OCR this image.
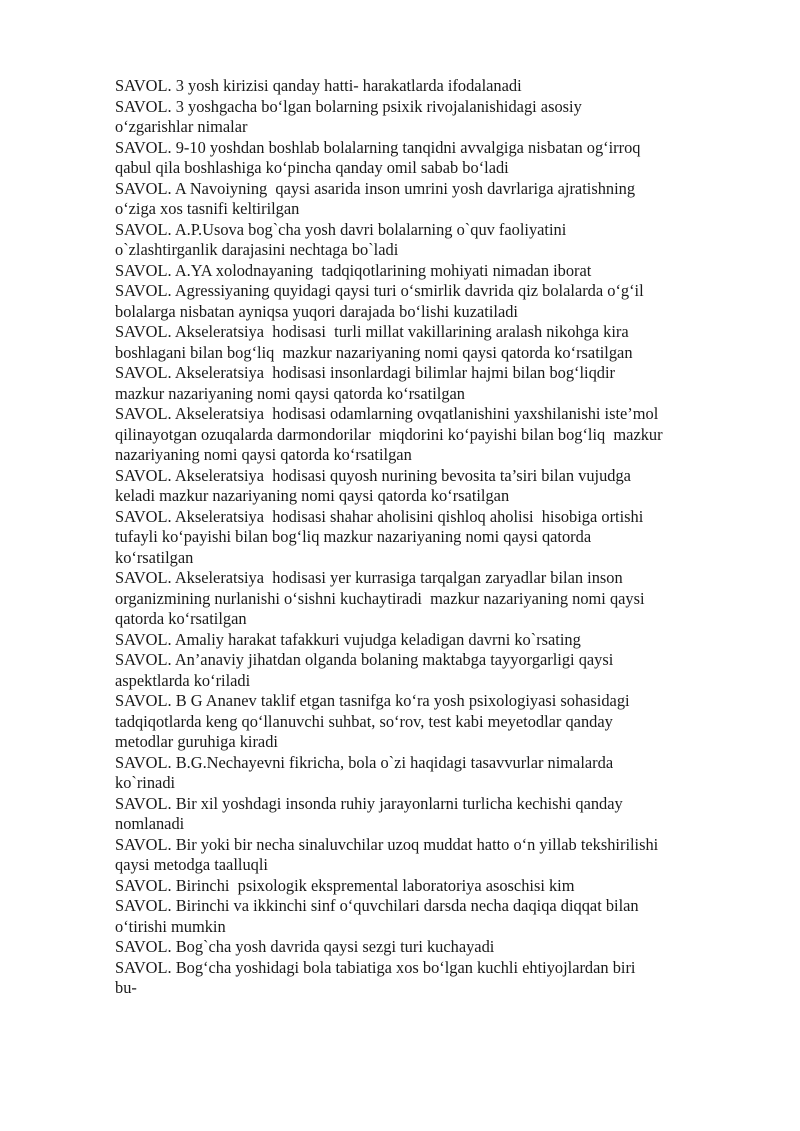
SAVOL. 3 yosh kirizisi qanday hatti- harakatlarda ifodalanadi
SAVOL. 3 yoshgacha bo‘lgan bolarning psixik rivojalanishidagi asosiy
o‘zgarishlar nimalar
SAVOL. 9-10 yoshdan boshlab bolalarning tanqidni avvalgiga nisbatan og‘irroq
qabul qila boshlashiga ko‘pincha qanday omil sabab bo‘ladi
SAVOL. A Navoiyning  qaysi asarida inson umrini yosh davrlariga ajratishning
o‘ziga xos tasnifi keltirilgan
SAVOL. A.P.Usova bog`cha yosh davri bolalarning o`quv faoliyatini
o`zlashtirganlik darajasini nechtaga bo`ladi
SAVOL. A.YA xolodnayaning  tadqiqotlarining mohiyati nimadan iborat
SAVOL. Agressiyaning quyidagi qaysi turi o‘smirlik davrida qiz bolalarda o‘g‘il
bolalarga nisbatan ayniqsa yuqori darajada bo‘lishi kuzatiladi
SAVOL. Akseleratsiya  hodisasi  turli millat vakillarining aralash nikohga kira
boshlagani bilan bog‘liq  mazkur nazariyaning nomi qaysi qatorda ko‘rsatilgan
SAVOL. Akseleratsiya  hodisasi insonlardagi bilimlar hajmi bilan bog‘liqdir
mazkur nazariyaning nomi qaysi qatorda ko‘rsatilgan
SAVOL. Akseleratsiya  hodisasi odamlarning ovqatlanishini yaxshilanishi iste’mol
qilinayotgan ozuqalarda darmondorilar  miqdorini ko‘payishi bilan bog‘liq  mazkur
nazariyaning nomi qaysi qatorda ko‘rsatilgan
SAVOL. Akseleratsiya  hodisasi quyosh nurining bevosita ta’siri bilan vujudga
keladi mazkur nazariyaning nomi qaysi qatorda ko‘rsatilgan
SAVOL. Akseleratsiya  hodisasi shahar aholisini qishloq aholisi  hisobiga ortishi
tufayli ko‘payishi bilan bog‘liq mazkur nazariyaning nomi qaysi qatorda
ko‘rsatilgan
SAVOL. Akseleratsiya  hodisasi yer kurrasiga tarqalgan zaryadlar bilan inson
organizmining nurlanishi o‘sishni kuchaytiradi  mazkur nazariyaning nomi qaysi
qatorda ko‘rsatilgan
SAVOL. Amaliy harakat tafakkuri vujudga keladigan davrni ko`rsating
SAVOL. An’anaviy jihatdan olganda bolaning maktabga tayyorgarligi qaysi
aspektlarda ko‘riladi
SAVOL. B G Ananev taklif etgan tasnifga ko‘ra yosh psixologiyasi sohasidagi
tadqiqotlarda keng qo‘llanuvchi suhbat, so‘rov, test kabi meyetodlar qanday
metodlar guruhiga kiradi
SAVOL. B.G.Nechayevni fikricha, bola o`zi haqidagi tasavvurlar nimalarda
ko`rinadi
SAVOL. Bir xil yoshdagi insonda ruhiy jarayonlarni turlicha kechishi qanday
nomlanadi
SAVOL. Bir yoki bir necha sinaluvchilar uzoq muddat hatto o‘n yillab tekshirilishi
qaysi metodga taalluqli
SAVOL. Birinchi  psixologik ekspremental laboratoriya asoschisi kim
SAVOL. Birinchi va ikkinchi sinf o‘quvchilari darsda necha daqiqa diqqat bilan
o‘tirishi mumkin
SAVOL. Bog`cha yosh davrida qaysi sezgi turi kuchayadi
SAVOL. Bog‘cha yoshidagi bola tabiatiga xos bo‘lgan kuchli ehtiyojlardan biri
bu-
